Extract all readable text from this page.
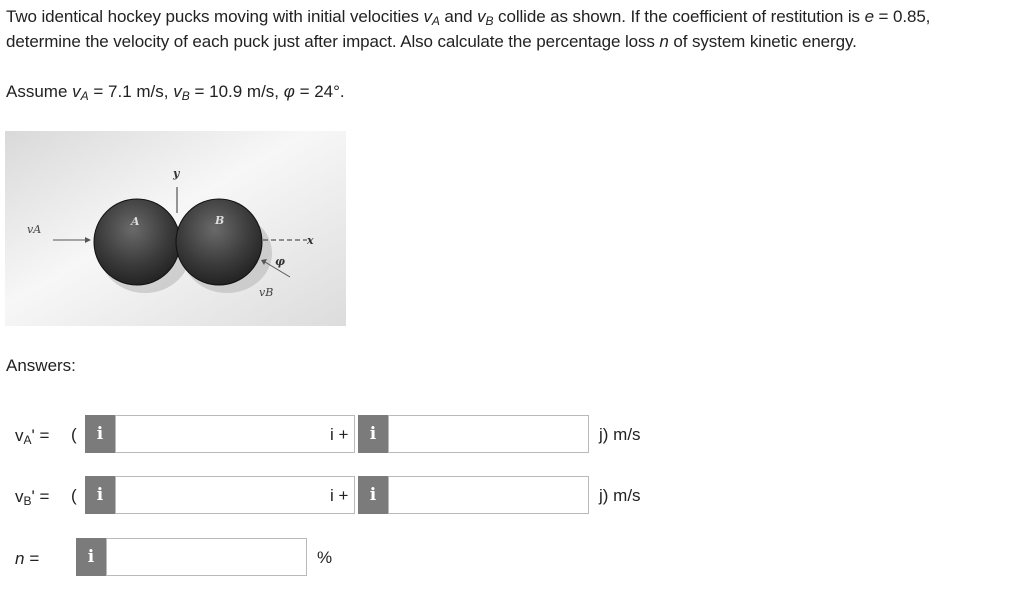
Two identical hockey pucks moving with initial velocities $v_A$ and $v_B$ collide as shown. If the coefficient of restitution is e = 0.85,

determine the velocity of each puck just after impact. Also calculate the percentage loss n of system kinetic energy.

Assume $v_A = 7.1$ m/s, $v_B = 10.9$ m/s, φ = 24°.
vA
A	B
y
x
φ
vB
Answers:
$v_A'$ = (	i	i +	i	j) m/s
$v_B'$ = (	i	i +	i	j) m/s
n =	i	%
